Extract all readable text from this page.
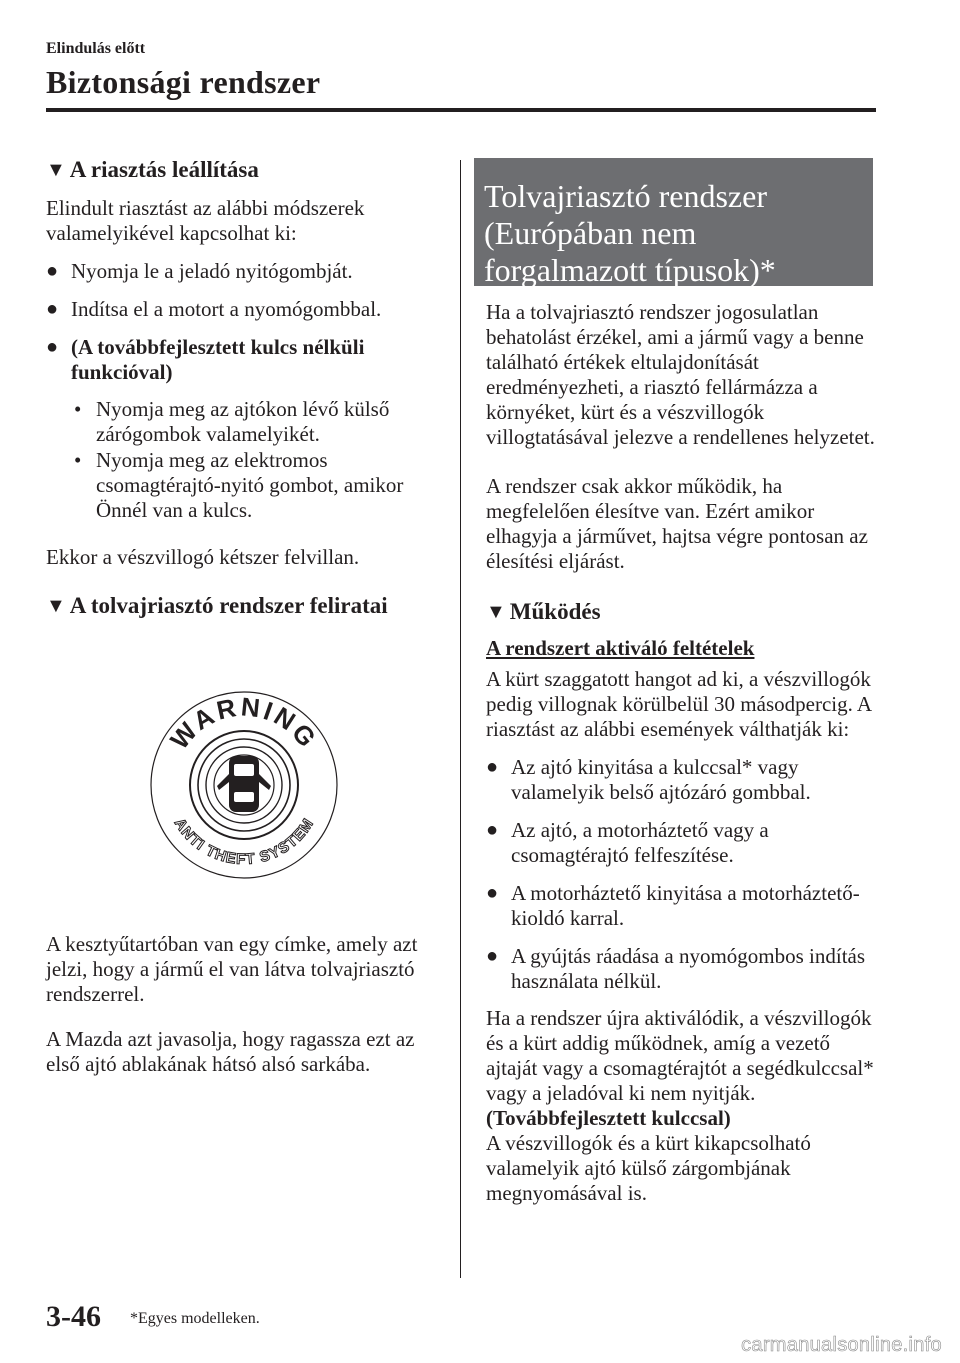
Elindulás előtt
Biztonsági rendszer
▼ A riasztás leállítása

Elindult riasztást az alábbi módszerek valamelyikével kapcsolhat ki:

● Nyomja le a jeladó nyitógombját.
● Indítsa el a motort a nyomógombbal.
● (A továbbfejlesztett kulcs nélküli funkcióval)
• Nyomja meg az ajtókon lévő külső zárógombok valamelyikét.
• Nyomja meg az elektromos csomagtérajtó-nyitó gombot, amikor Önnél van a kulcs.

Ekkor a vészvillogó kétszer felvillan.

▼ A tolvajriasztó rendszer feliratai
WARNING
ANTI THEFT SYSTEM

A kesztyűtartóban van egy címke, amely azt jelzi, hogy a jármű el van látva tolvajriasztó rendszerrel.

A Mazda azt javasolja, hogy ragassza ezt az első ajtó ablakának hátsó alsó sarkába.

Tolvajriasztó rendszer (Európában nem forgalmazott típusok)*

Ha a tolvajriasztó rendszer jogosulatlan behatolást érzékel, ami a jármű vagy a benne található értékek eltulajdonítását eredményezheti, a riasztó fellármázza a környéket, kürt és a vészvillogók villogtatásával jelezve a rendellenes helyzetet.

A rendszer csak akkor működik, ha megfelelően élesítve van. Ezért amikor elhagyja a járművet, hajtsa végre pontosan az élesítési eljárást.

▼ Működés

A rendszert aktiváló feltételek

A kürt szaggatott hangot ad ki, a vészvillogók pedig villognak körülbelül 30 másodpercig. A riasztást az alábbi események válthatják ki:

● Az ajtó kinyitása a kulccsal* vagy valamelyik belső ajtózáró gombbal.
● Az ajtó, a motorháztető vagy a csomagtérajtó felfeszítése.
● A motorháztető kinyitása a motorháztető-kioldó karral.
● A gyújtás ráadása a nyomógombos indítás használata nélkül.

Ha a rendszer újra aktiválódik, a vészvillogók és a kürt addig működnek, amíg a vezető ajtaját vagy a csomagtérajtót a segédkulccsal* vagy a jeladóval ki nem nyitják.

(Továbbfejlesztett kulccsal)

A vészvillogók és a kürt kikapcsolható valamelyik ajtó külső zárgombjának megnyomásával is.

3-46 *Egyes modelleken.
carmanualsonline.info
